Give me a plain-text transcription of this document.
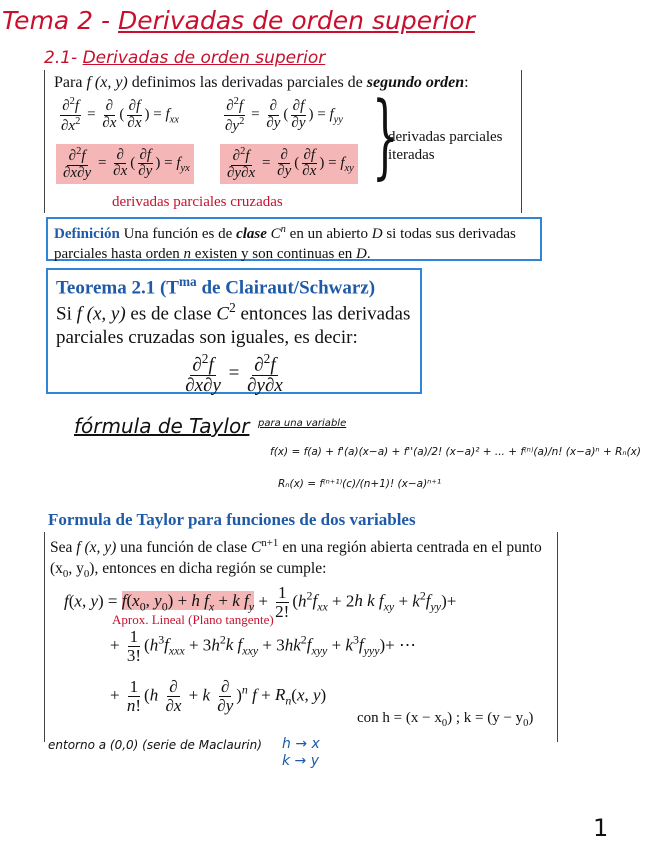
Tema 2 - Derivadas de orden superior
2.1- Derivadas de orden superior
Para f (x, y) definimos las derivadas parciales de segundo orden:
$\frac{\partial^2f}{\partial x^2} = \frac{\partial}{\partial x}$ ( $\frac{\partial f}{\partial x}$ ) = $f_{xx}$	$\frac{\partial^2f}{\partial y^2} = \frac{\partial}{\partial y}$ ( $\frac{\partial f}{\partial y}$ ) = $f_{yy}$
$\frac{\partial^2f}{\partial x\partial y} = \frac{\partial}{\partial x}$ ( $\frac{\partial f}{\partial y}$ ) = $f_{yx} \frac{\partial^2f}{\partial y\partial x} = \frac{\partial}{\partial y}$ ( $\frac{\partial f}{\partial x}$ ) = $f_{xy}$ }
derivadas parciales iteradas
derivadas parciales cruzadas
Definición Una función es de clase $C^n$ en un abierto D si todas sus derivadas parciales hasta orden n existen y son continuas en D.
Teorema 2.1 ($T^{ma}$ de Clairaut/Schwarz)
Si f (x, y) es de clase $C^2$ entonces las derivadas parciales cruzadas son iguales, es decir:
$\frac{\partial^2f}{\partial x\partial y} = \frac{\partial^2f}{\partial y\partial x}$
fórmula de Taylor para una variable
f(x) = f(a) + f'(a)(x−a) + f''(a)/2! (x−a)² + ... + f⁽ⁿ⁾(a)/n! (x−a)ⁿ + Rₙ(x)
Rₙ(x) = f⁽ⁿ⁺¹⁾(c)/(n+1)! (x−a)ⁿ⁺¹
Formula de Taylor para funciones de dos variables
Sea f (x, y) una función de clase $C^{n+1}$ en una región abierta centrada en el punto ($x_0$, $y_0$), entonces en dicha región se cumple:
f(x, $y) = f(x_0$, $y_0) + h$ $f_x + k$ $f_y + \frac{1}{2!} (h^2f_{xx} + 2h$ k $f_{xy} + k^2f_{yy})+$
Aprox. Lineal (Plano tangente)
+ $\frac{1}{3!} (h^3f_{xxx} + 3h^2k$ $f_{xxy} + 3hk^2f_{xyy} + k^3f_{yyy})+$ ⋯
+ $\frac{1}{n!} (h \frac{\partial}{\partial x} + k \frac{\partial}{\partial y} )^n$ $f + R_n(x$, y)
con $h = (x - x_0)$ ; $k = (y - y_0)$
entorno a (0,0) (serie de Maclaurin) h → x
k → y
1
